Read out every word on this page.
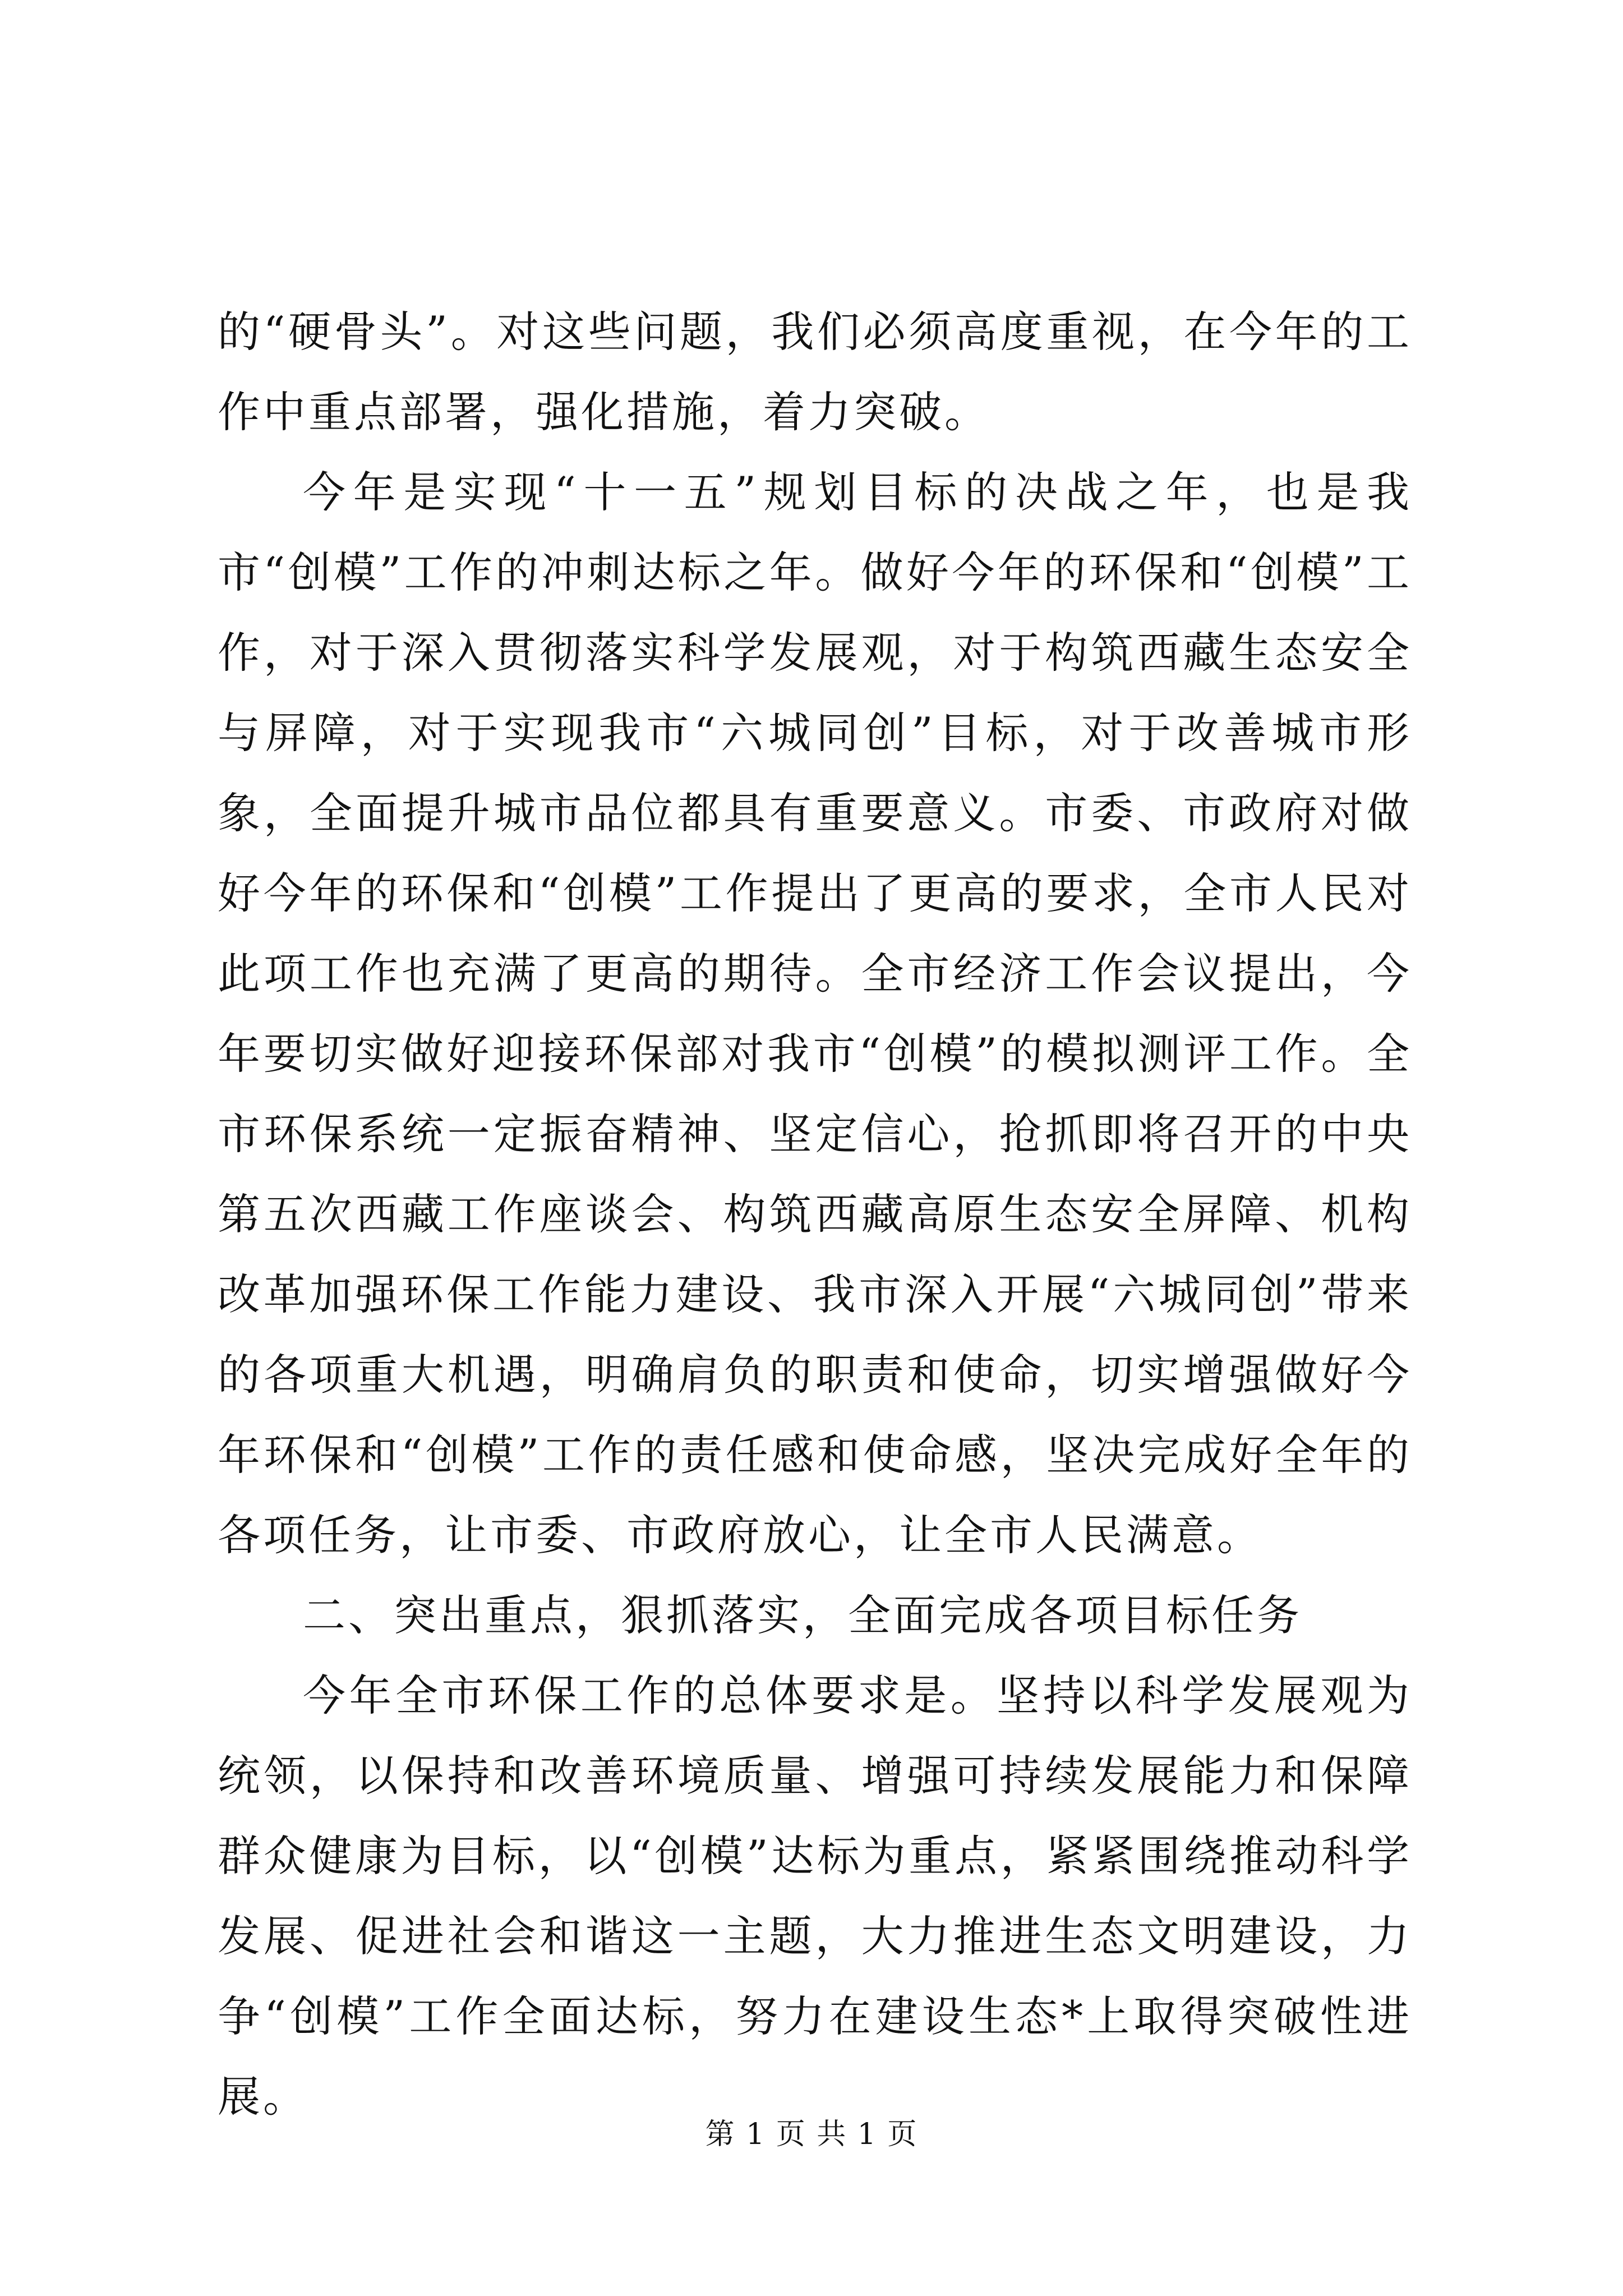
的“硬骨头”。对这些问题，我们必须高度重视，在今年的工作中重点部署，强化措施，着力突破。

今年是实现“十一五”规划目标的决战之年，也是我市“创模”工作的冲刺达标之年。做好今年的环保和“创模”工作，对于深入贯彻落实科学发展观，对于构筑西藏生态安全与屏障，对于实现我市“六城同创”目标，对于改善城市形象，全面提升城市品位都具有重要意义。市委、市政府对做好今年的环保和“创模”工作提出了更高的要求，全市人民对此项工作也充满了更高的期待。全市经济工作会议提出，今年要切实做好迎接环保部对我市“创模”的模拟测评工作。全市环保系统一定振奋精神、坚定信心，抢抓即将召开的中央第五次西藏工作座谈会、构筑西藏高原生态安全屏障、机构改革加强环保工作能力建设、我市深入开展“六城同创”带来的各项重大机遇，明确肩负的职责和使命，切实增强做好今年环保和“创模”工作的责任感和使命感，坚决完成好全年的各项任务，让市委、市政府放心，让全市人民满意。

二、突出重点，狠抓落实，全面完成各项目标任务

今年全市环保工作的总体要求是。坚持以科学发展观为统领，以保持和改善环境质量、增强可持续发展能力和保障群众健康为目标，以“创模”达标为重点，紧紧围绕推动科学发展、促进社会和谐这一主题，大力推进生态文明建设，力争“创模”工作全面达标，努力在建设生态*上取得突破性进展。

第 1 页 共 1 页
